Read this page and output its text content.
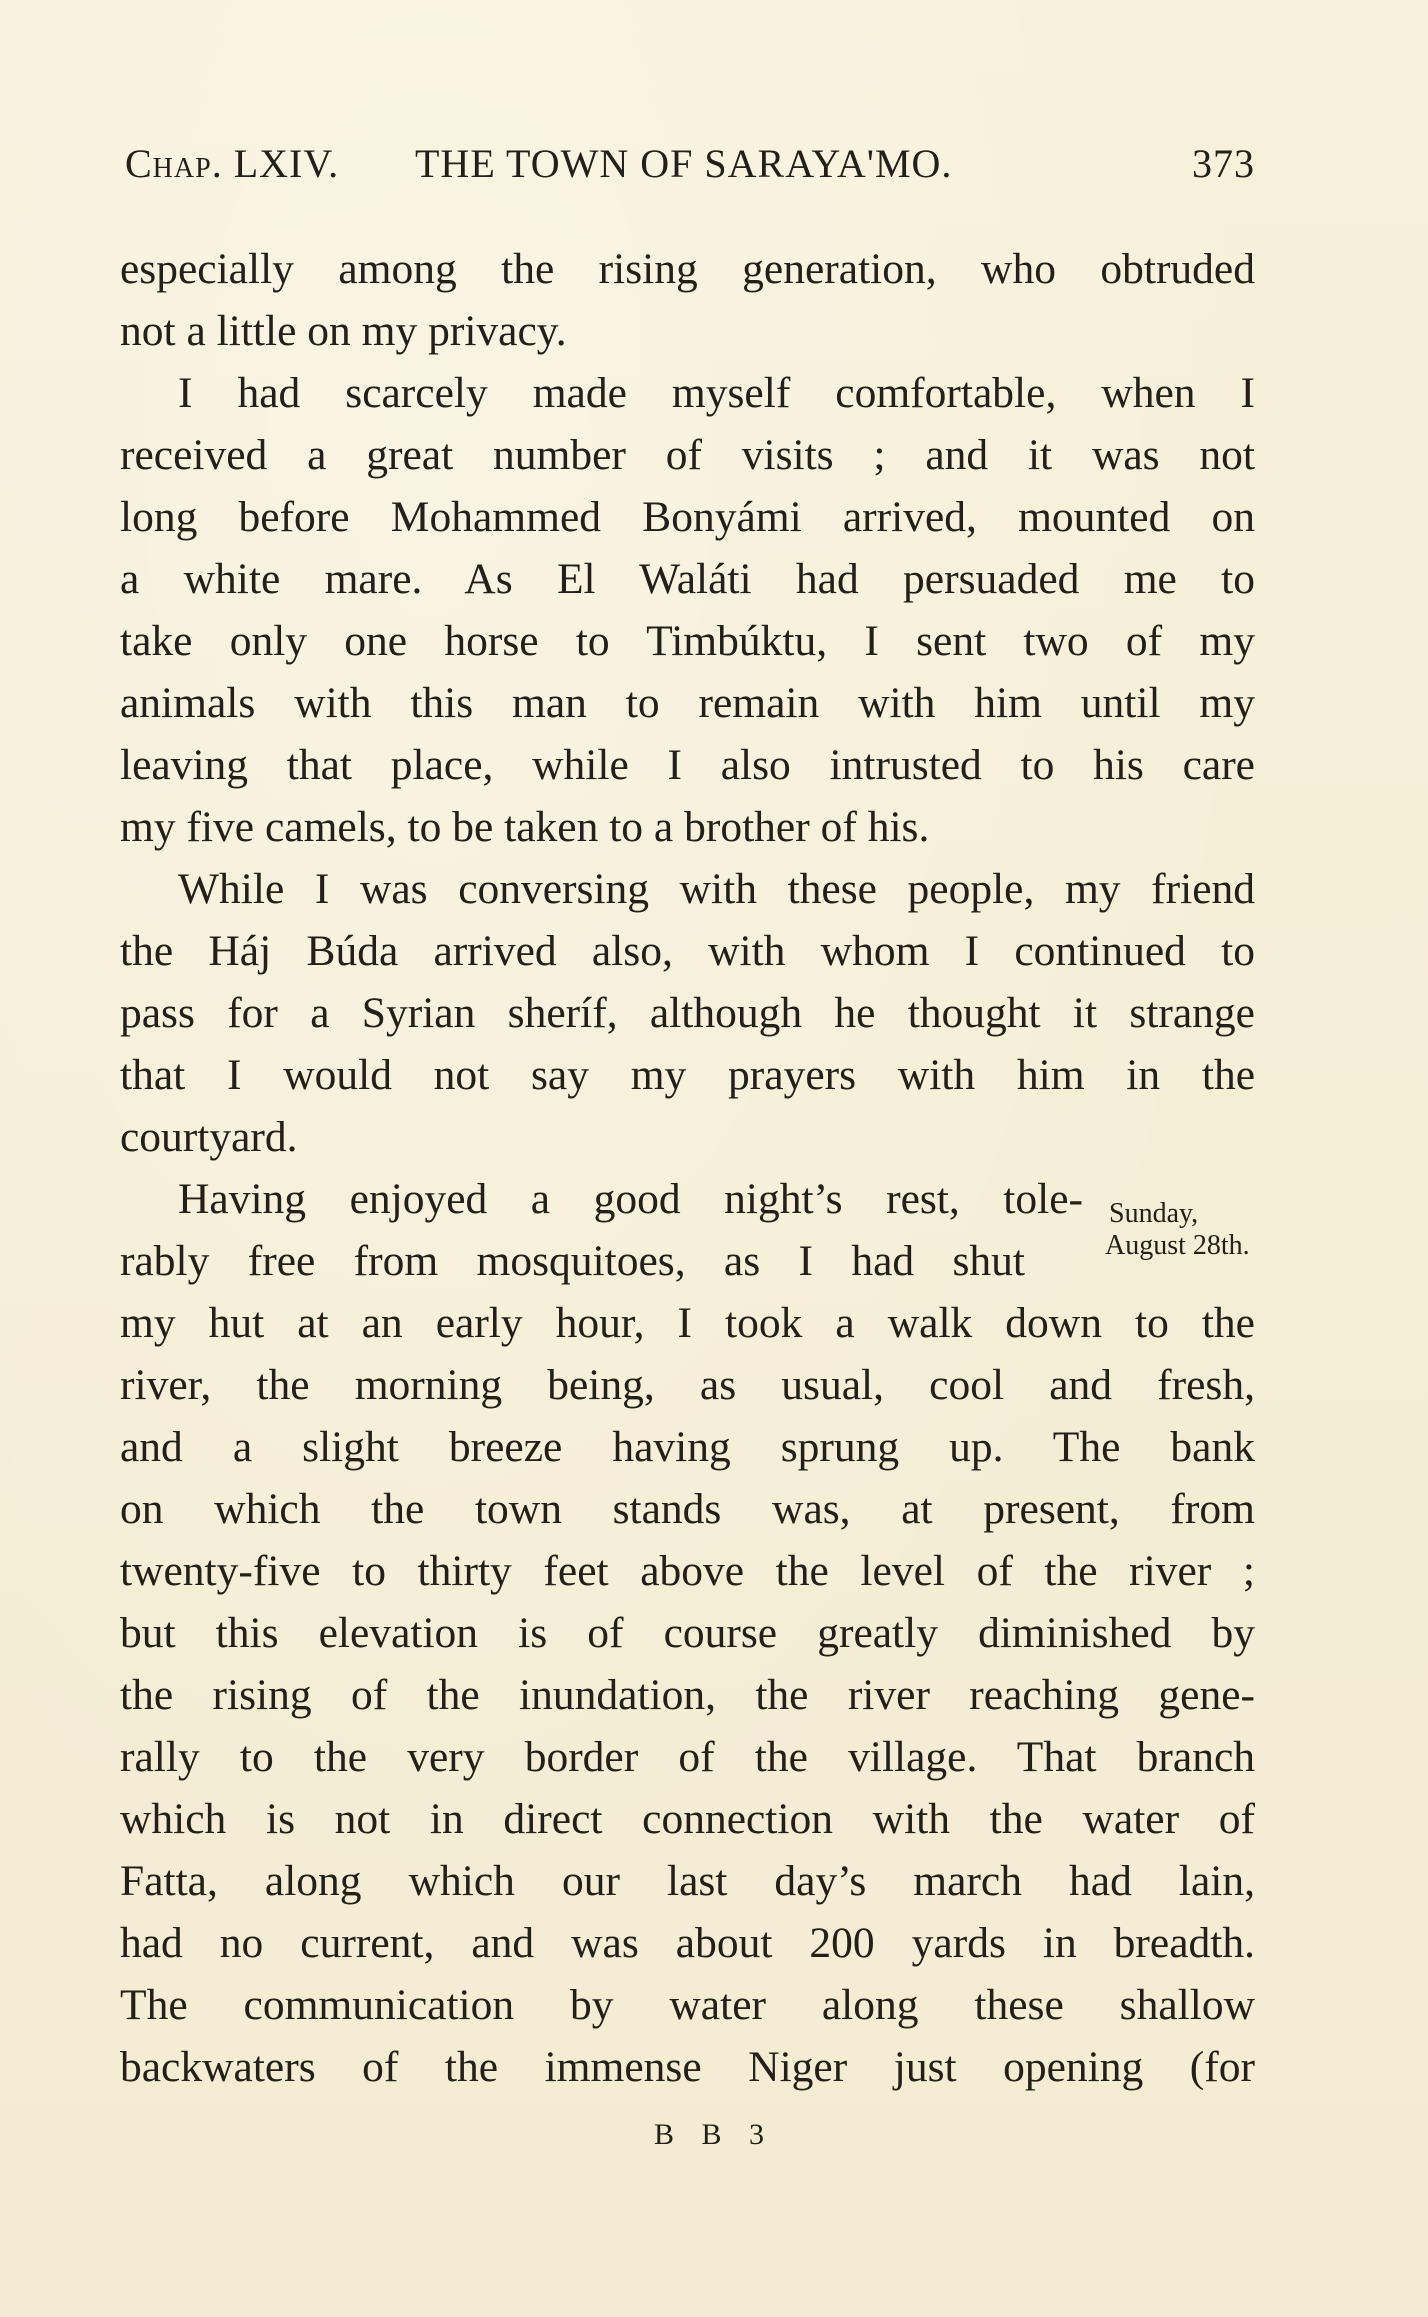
Chap. LXIV. THE TOWN OF SARAYA'MO.	373
especially among the rising generation, who obtruded
not a little on my privacy.
I had scarcely made myself comfortable, when I
received a great number of visits ; and it was not
long before Mohammed Bonyámi arrived, mounted on
a white mare. As El Waláti had persuaded me to
take only one horse to Timbúktu, I sent two of my
animals with this man to remain with him until my
leaving that place, while I also intrusted to his care
my five camels, to be taken to a brother of his.
While I was conversing with these people, my friend
the Háj Búda arrived also, with whom I continued to
pass for a Syrian sheríf, although he thought it strange
that I would not say my prayers with him in the
courtyard.
Having enjoyed a good night’s rest, tole-
rably free from mosquitoes, as I had shut
my hut at an early hour, I took a walk down to the
river, the morning being, as usual, cool and fresh,
and a slight breeze having sprung up. The bank
on which the town stands was, at present, from
twenty-five to thirty feet above the level of the river ;
but this elevation is of course greatly diminished by
the rising of the inundation, the river reaching gene-
rally to the very border of the village. That branch
which is not in direct connection with the water of
Fatta, along which our last day’s march had lain,
had no current, and was about 200 yards in breadth.
The communication by water along these shallow
backwaters of the immense Niger just opening (for
Sunday,
August 28th.
B B 3
